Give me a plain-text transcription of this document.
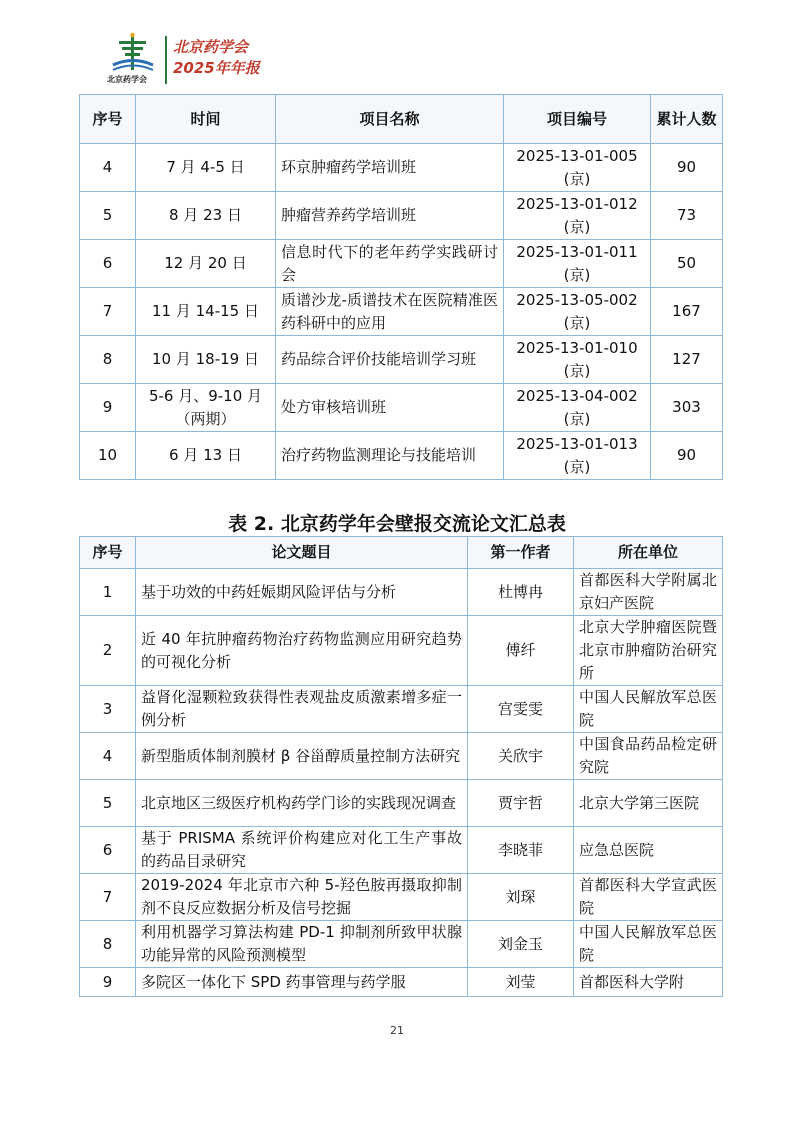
北京药学会
北京药学会
2025年年报
序号	时间	项目名称	项目编号	累计人数
4	7 月 4-5 日	环京肿瘤药学培训班	2025-13-01-005 (京)	90
5	8 月 23 日	肿瘤营养药学培训班	2025-13-01-012 (京)	73
6	12 月 20 日	信息时代下的老年药学实践研讨会	2025-13-01-011 (京)	50
7	11 月 14-15 日	质谱沙龙-质谱技术在医院精准医药科研中的应用	2025-13-05-002 (京)	167
8	10 月 18-19 日	药品综合评价技能培训学习班	2025-13-01-010 (京)	127
9	5-6 月、9-10 月 （两期）	处方审核培训班	2025-13-04-002 (京)	303
10	6 月 13 日	治疗药物监测理论与技能培训	2025-13-01-013 (京)	90
表 2. 北京药学年会壁报交流论文汇总表
序号	论文题目	第一作者	所在单位
1	基于功效的中药妊娠期风险评估与分析	杜博冉	首都医科大学附属北京妇产医院
2	近 40 年抗肿瘤药物治疗药物监测应用研究趋势的可视化分析	傅纤	北京大学肿瘤医院暨北京市肿瘤防治研究所
3	益肾化湿颗粒致获得性表观盐皮质激素增多症一例分析	宫雯雯	中国人民解放军总医院
4	新型脂质体制剂膜材 β 谷甾醇质量控制方法研究	关欣宇	中国食品药品检定研究院
5	北京地区三级医疗机构药学门诊的实践现况调查	贾宇哲	北京大学第三医院
6	基于 PRISMA 系统评价构建应对化工生产事故的药品目录研究	李晓菲	应急总医院
7	2019-2024 年北京市六种 5-羟色胺再摄取抑制剂不良反应数据分析及信号挖掘	刘琛	首都医科大学宣武医院
8	利用机器学习算法构建 PD-1 抑制剂所致甲状腺功能异常的风险预测模型	刘金玉	中国人民解放军总医院
9	多院区一体化下 SPD 药事管理与药学服	刘莹	首都医科大学附
21
